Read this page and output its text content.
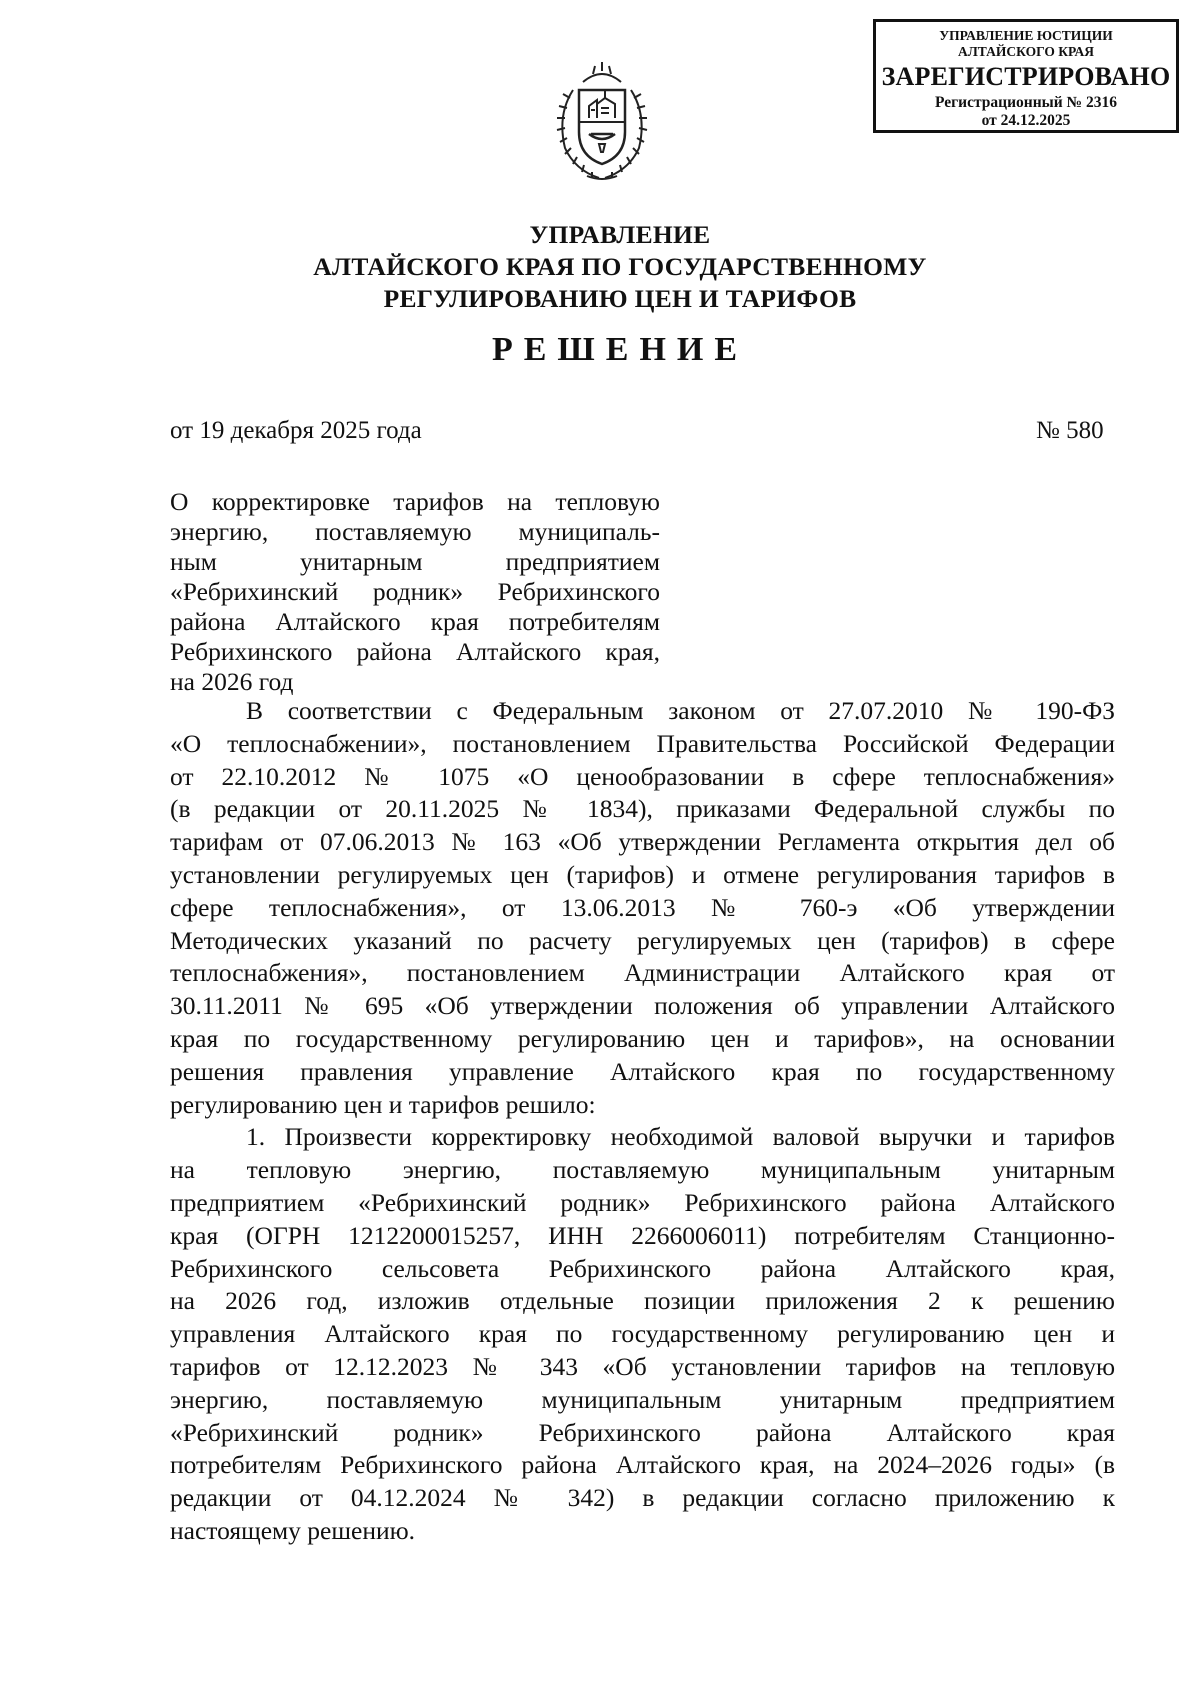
УПРАВЛЕНИЕ ЮСТИЦИИ
АЛТАЙСКОГО КРАЯ
ЗАРЕГИСТРИРОВАНО
Регистрационный № 2316
от 24.12.2025
УПРАВЛЕНИЕ
АЛТАЙСКОГО КРАЯ ПО ГОСУДАРСТВЕННОМУ
РЕГУЛИРОВАНИЮ ЦЕН И ТАРИФОВ
РЕШЕНИЕ
от 19 декабря 2025 года	№ 580
О корректировке тарифов на тепловую
энергию, поставляемую муниципаль-
ным унитарным предприятием
«Ребрихинский родник» Ребрихинского
района Алтайского края потребителям
Ребрихинского района Алтайского края,
на 2026 год
В соответствии с Федеральным законом от 27.07.2010 № 190-ФЗ
«О теплоснабжении», постановлением Правительства Российской Федерации
от 22.10.2012 № 1075 «О ценообразовании в сфере теплоснабжения»
(в редакции от 20.11.2025 № 1834), приказами Федеральной службы по
тарифам от 07.06.2013 № 163 «Об утверждении Регламента открытия дел об
установлении регулируемых цен (тарифов) и отмене регулирования тарифов в
сфере теплоснабжения», от 13.06.2013 № 760-э «Об утверждении
Методических указаний по расчету регулируемых цен (тарифов) в сфере
теплоснабжения», постановлением Администрации Алтайского края от
30.11.2011 № 695 «Об утверждении положения об управлении Алтайского
края по государственному регулированию цен и тарифов», на основании
решения правления управление Алтайского края по государственному
регулированию цен и тарифов решило:
1. Произвести корректировку необходимой валовой выручки и тарифов
на тепловую энергию, поставляемую муниципальным унитарным
предприятием «Ребрихинский родник» Ребрихинского района Алтайского
края (ОГРН 1212200015257, ИНН 2266006011) потребителям Станционно-
Ребрихинского сельсовета Ребрихинского района Алтайского края,
на 2026 год, изложив отдельные позиции приложения 2 к решению
управления Алтайского края по государственному регулированию цен и
тарифов от 12.12.2023 № 343 «Об установлении тарифов на тепловую
энергию, поставляемую муниципальным унитарным предприятием
«Ребрихинский родник» Ребрихинского района Алтайского края
потребителям Ребрихинского района Алтайского края, на 2024–2026 годы» (в
редакции от 04.12.2024 № 342) в редакции согласно приложению к
настоящему решению.
